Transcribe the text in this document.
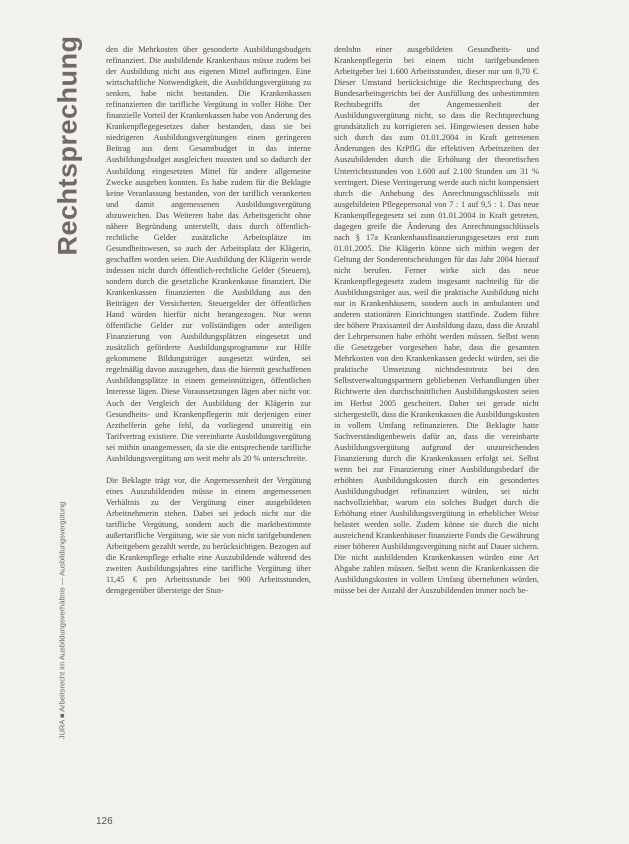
Rechtsprechung
JURA ■ Arbeitsrecht im Ausbildungsverhältnis — Ausbildungsvergütung

den die Mehrkosten über gesonderte Ausbildungsbudgets refinanziert. Die ausbildende Krankenhaus müsse zudem bei der Ausbildung nicht aus eigenen Mittel aufbringen. Eine wirtschaftliche Notwendigkeit, die Ausbildungsvergütung zu senken, habe nicht bestanden. Die Krankenkassen refinanzierten die tarifliche Vergütung in voller Höhe. Der finanzielle Vorteil der Krankenkassen habe von Anderung des Krankenpflegegesetzes daher bestanden, dass sie bei niedrigeren Ausbildungsvergütungen einen geringeren Beitrag aus dem Gesamtbudget in das interne Ausbildungsbudget ausgleichen mussten und so dadurch der Ausbildung eingesetzten Mittel für andere allgemeine Zwecke ausgeben konnten. Es habe zudem für die Beklagte keine Veranlassung bestanden, von der tariflich verankerten und damit angemessenen Ausbildungsvergütung abzuweichen. Das Weiteren habe das Arbeitsgericht ohne nähere Begründung unterstellt, dass durch öffentlich-rechtliche Gelder zusätzliche Arbeitsplätze im Gesundheitswesen, so auch der Arbeitsplatz der Klägerin, geschaffen worden seien. Die Ausbildung der Klägerin werde indessen nicht durch öffentlich-rechtliche Gelder (Steuern), sondern durch die gesetzliche Krankenkasse finanziert. Die Krankenkassen finanzierten die Ausbildung aus den Beiträgen der Versicherten. Steuergelder der öffentlichen Hand würden hierfür nicht herangezogen. Nur wenn öffentliche Gelder zur vollständigen oder anteiligen Finanzierung von Ausbildungsplätzen eingesetzt und zusätzlich geförderte Ausbildungsprogramme zur Hilfe gekommene Bildungsträger ausgesetzt würden, sei regelmäßig davon auszugehen, dass die hiermit geschaffenen Ausbildungsplätze in einem gemeinnützigen, öffentlichen Interesse lägen. Diese Voraussetzungen lägen aber nicht vor. Auch der Vergleich der Ausbildung der Klägerin zur Gesundheits- und Krankenpflegerin mit derjenigen einer Arzthelferin gehe fehl, da vorliegend unstreitig ein Tarifvertrag existiere. Die vereinbarte Ausbildungsvergütung sei mithin unangemessen, da sie die entsprechende tarifliche Ausbildungsvergütung um weit mehr als 20 % unterschreite.

Die Beklagte trägt vor, die Angemessenheit der Vergütung eines Auszubildenden müsse in einem angemessenen Verhältnis zu der Vergütung einer ausgebildeten Arbeitnehmerin stehen. Dabei sei jedoch nicht nur die tarifliche Vergütung, sondern auch die marktbestimmte außertarifliche Vergütung, wie sie von nicht tarifgebundenen Arbeitgebern gezahlt werde, zu berücksichtigen. Bezogen auf die Krankenpflege erhalte eine Auszubildende während des zweiten Ausbildungsjahres eine tarifliche Vergütung über 11,45 € pro Arbeitsstunde bei 900 Arbeitsstunden, demgegenüber übersteige der Stun-

denlohn einer ausgebildeten Gesundheits- und Krankenpflegerin bei einem nicht tarifgebundenen Arbeitgeber bei 1.600 Arbeitsstunden, dieser nur um 0,70 €. Dieser Umstand berücksichtige die Rechtsprechung des Bundesarbeitsgerichts bei der Ausfüllung des unbestimmten Rechtsbegriffs der Angemessenheit der Ausbildungsvergütung nicht, so dass die Rechtsprechung grundsätzlich zu korrigieren sei. Hingewiesen dessen habe sich durch das zum 01.01.2004 in Kraft getretenen Änderungen des KrPflG die effektiven Arbeitszeiten der Auszubildenden durch die Erhöhung der theoretischen Unterrichtsstunden von 1.600 auf 2.100 Stunden um 31 % verringert. Diese Verringerung werde auch nicht kompensiert durch die Anhebung des Anrechnungsschlüssels mit ausgebildeten Pflegepersonal von 7 : 1 auf 9,5 : 1. Das neue Krankenpflegegesetz sei zum 01.01.2004 in Kraft getreten, dagegen greife die Änderung des Anrechnungsschlüssels nach § 17a Krankenhausfinanzierungsgesetzes erst zum 01.01.2005. Die Klägerin könne sich mithin wegen der Geltung der Sonderentscheidungen für das Jahr 2004 hierauf nicht berufen. Ferner wirke sich das neue Krankenpflegegesetz zudem insgesamt nachteilig für die Ausbildungsträger aus, weil die praktische Ausbildung nicht nur in Krankenhäusern, sondern auch in ambulanten und anderen stationären Einrichtungen stattfinde. Zudem führe der höhere Praxisanteil der Ausbildung dazu, dass die Anzahl der Lehrpersonen habe erhöht werden müssen. Selbst wenn die Gesetzgeber vorgesehen habe, dass die gesamten Mehrkosten von den Krankenkassen gedeckt würden, sei die praktische Umsetzung nichtsdestotrotz bei den Selbstverwaltungspartnern gebliebenen Verhandlungen über Richtwerte den durchschnittlichen Ausbildungskosten seien im Herbst 2005 gescheitert. Daher sei gerade nicht sichergestellt, dass die Krankenkassen die Ausbildungskosten in vollem Umfang refinanzieren. Die Beklagte hatte Sachverständigenbeweis dafür an, dass die vereinbarte Ausbildungsvergütung aufgrund der unzureichenden Finanzierung durch die Krankenkassen erfolgt sei. Selbst wenn bei zur Finanzierung einer Ausbildungsbedarf die erhöhten Ausbildungskosten durch ein gesondertes Ausbildungsbudget refinanziert würden, sei nicht nachvollziehbar, warum ein solches Budget durch die Erhöhung einer Ausbildungsvergütung in erheblicher Weise belastet werden solle. Zudem könne sie durch die nicht ausreichend Krankenhäuser finanzierte Fonds die Gewährung einer höheren Ausbildungsvergütung nicht auf Dauer sichern. Die nicht ausbildenden Krankenkassen würden eine Art Abgabe zahlen müssen. Selbst wenn die Krankenkassen die Ausbildungskosten in vollem Umfang übernehmen würden, müsse bei der Anzahl der Auszubildenden immer noch be-

126
